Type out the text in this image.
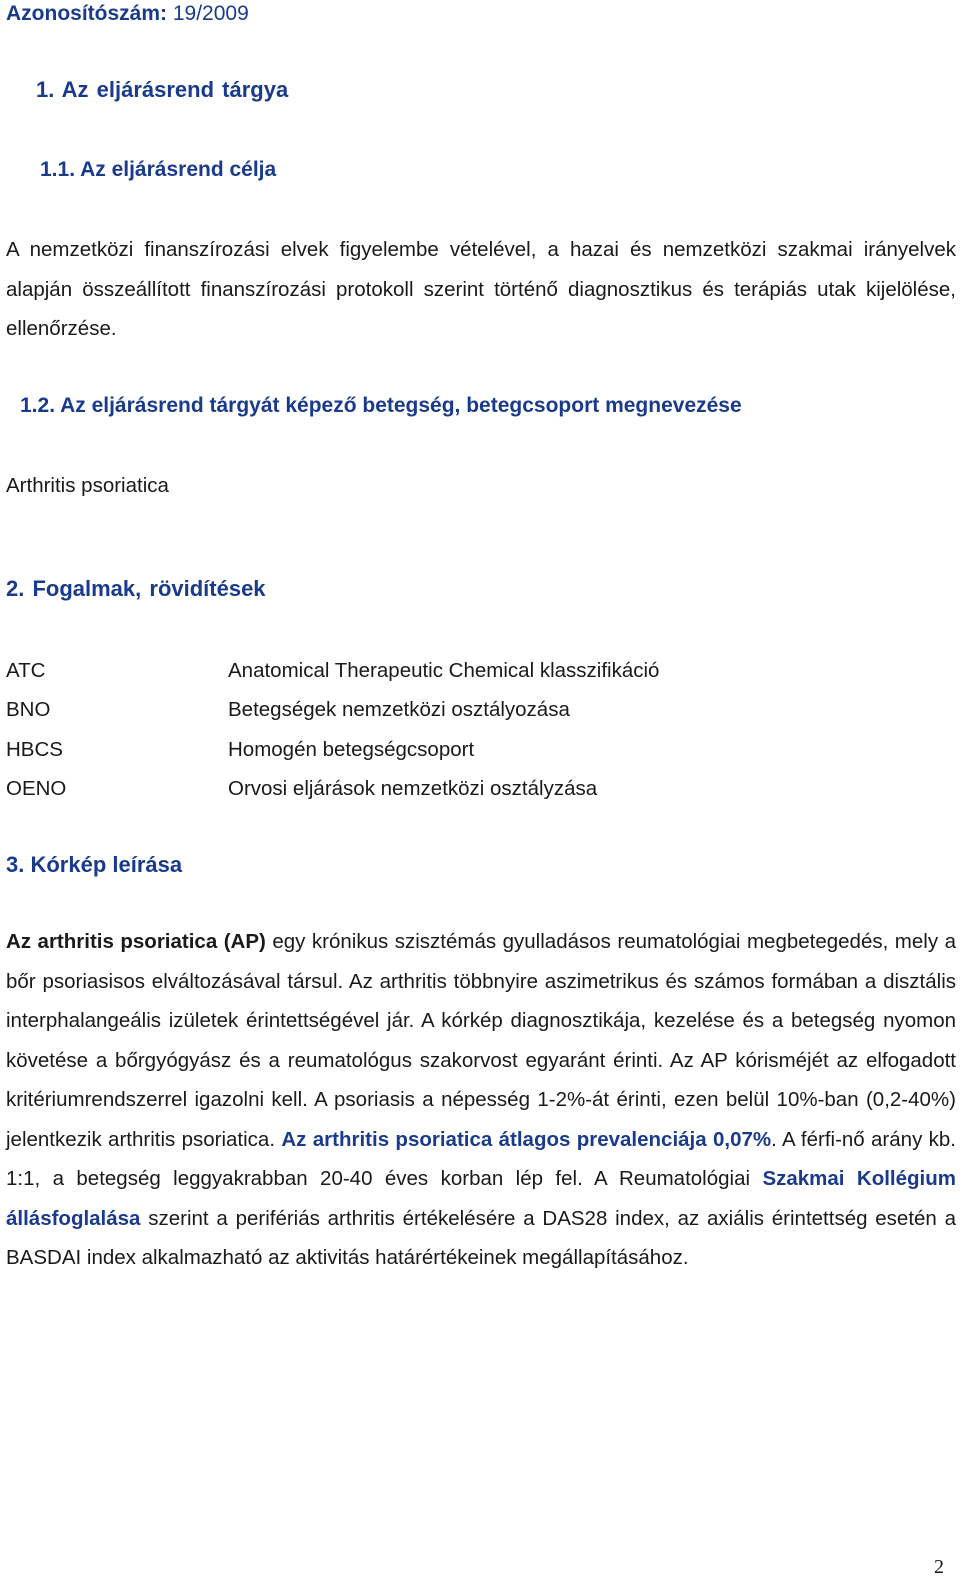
Azonosítószám: 19/2009
1. Az eljárásrend tárgya
1.1. Az eljárásrend célja
A nemzetközi finanszírozási elvek figyelembe vételével, a hazai és nemzetközi szakmai irányelvek alapján összeállított finanszírozási protokoll szerint történő diagnosztikus és terápiás utak kijelölése, ellenőrzése.
1.2. Az eljárásrend tárgyát képező betegség, betegcsoport megnevezése
Arthritis psoriatica
2. Fogalmak, rövidítések
ATC	Anatomical Therapeutic Chemical klasszifikáció
BNO	Betegségek nemzetközi osztályozása
HBCS	Homogén betegségcsoport
OENO	Orvosi eljárások nemzetközi osztályzása
3. Kórkép leírása
Az arthritis psoriatica (AP) egy krónikus szisztémás gyulladásos reumatológiai megbetegedés, mely a bőr psoriasisos elváltozásával társul. Az arthritis többnyire aszimetrikus és számos formában a disztális interphalangeális izületek érintettségével jár. A kórkép diagnosztikája, kezelése és a betegség nyomon követése a bőrgyógyász és a reumatológus szakorvost egyaránt érinti. Az AP kórisméjét az elfogadott kritériumrendszerrel igazolni kell. A psoriasis a népesség 1-2%-át érinti, ezen belül 10%-ban (0,2-40%) jelentkezik arthritis psoriatica. Az arthritis psoriatica átlagos prevalenciája 0,07%. A férfi-nő arány kb. 1:1, a betegség leggyakrabban 20-40 éves korban lép fel. A Reumatológiai Szakmai Kollégium állásfoglalása szerint a perifériás arthritis értékelésére a DAS28 index, az axiális érintettség esetén a BASDAI index alkalmazható az aktivitás határértékeinek megállapításához.
2
